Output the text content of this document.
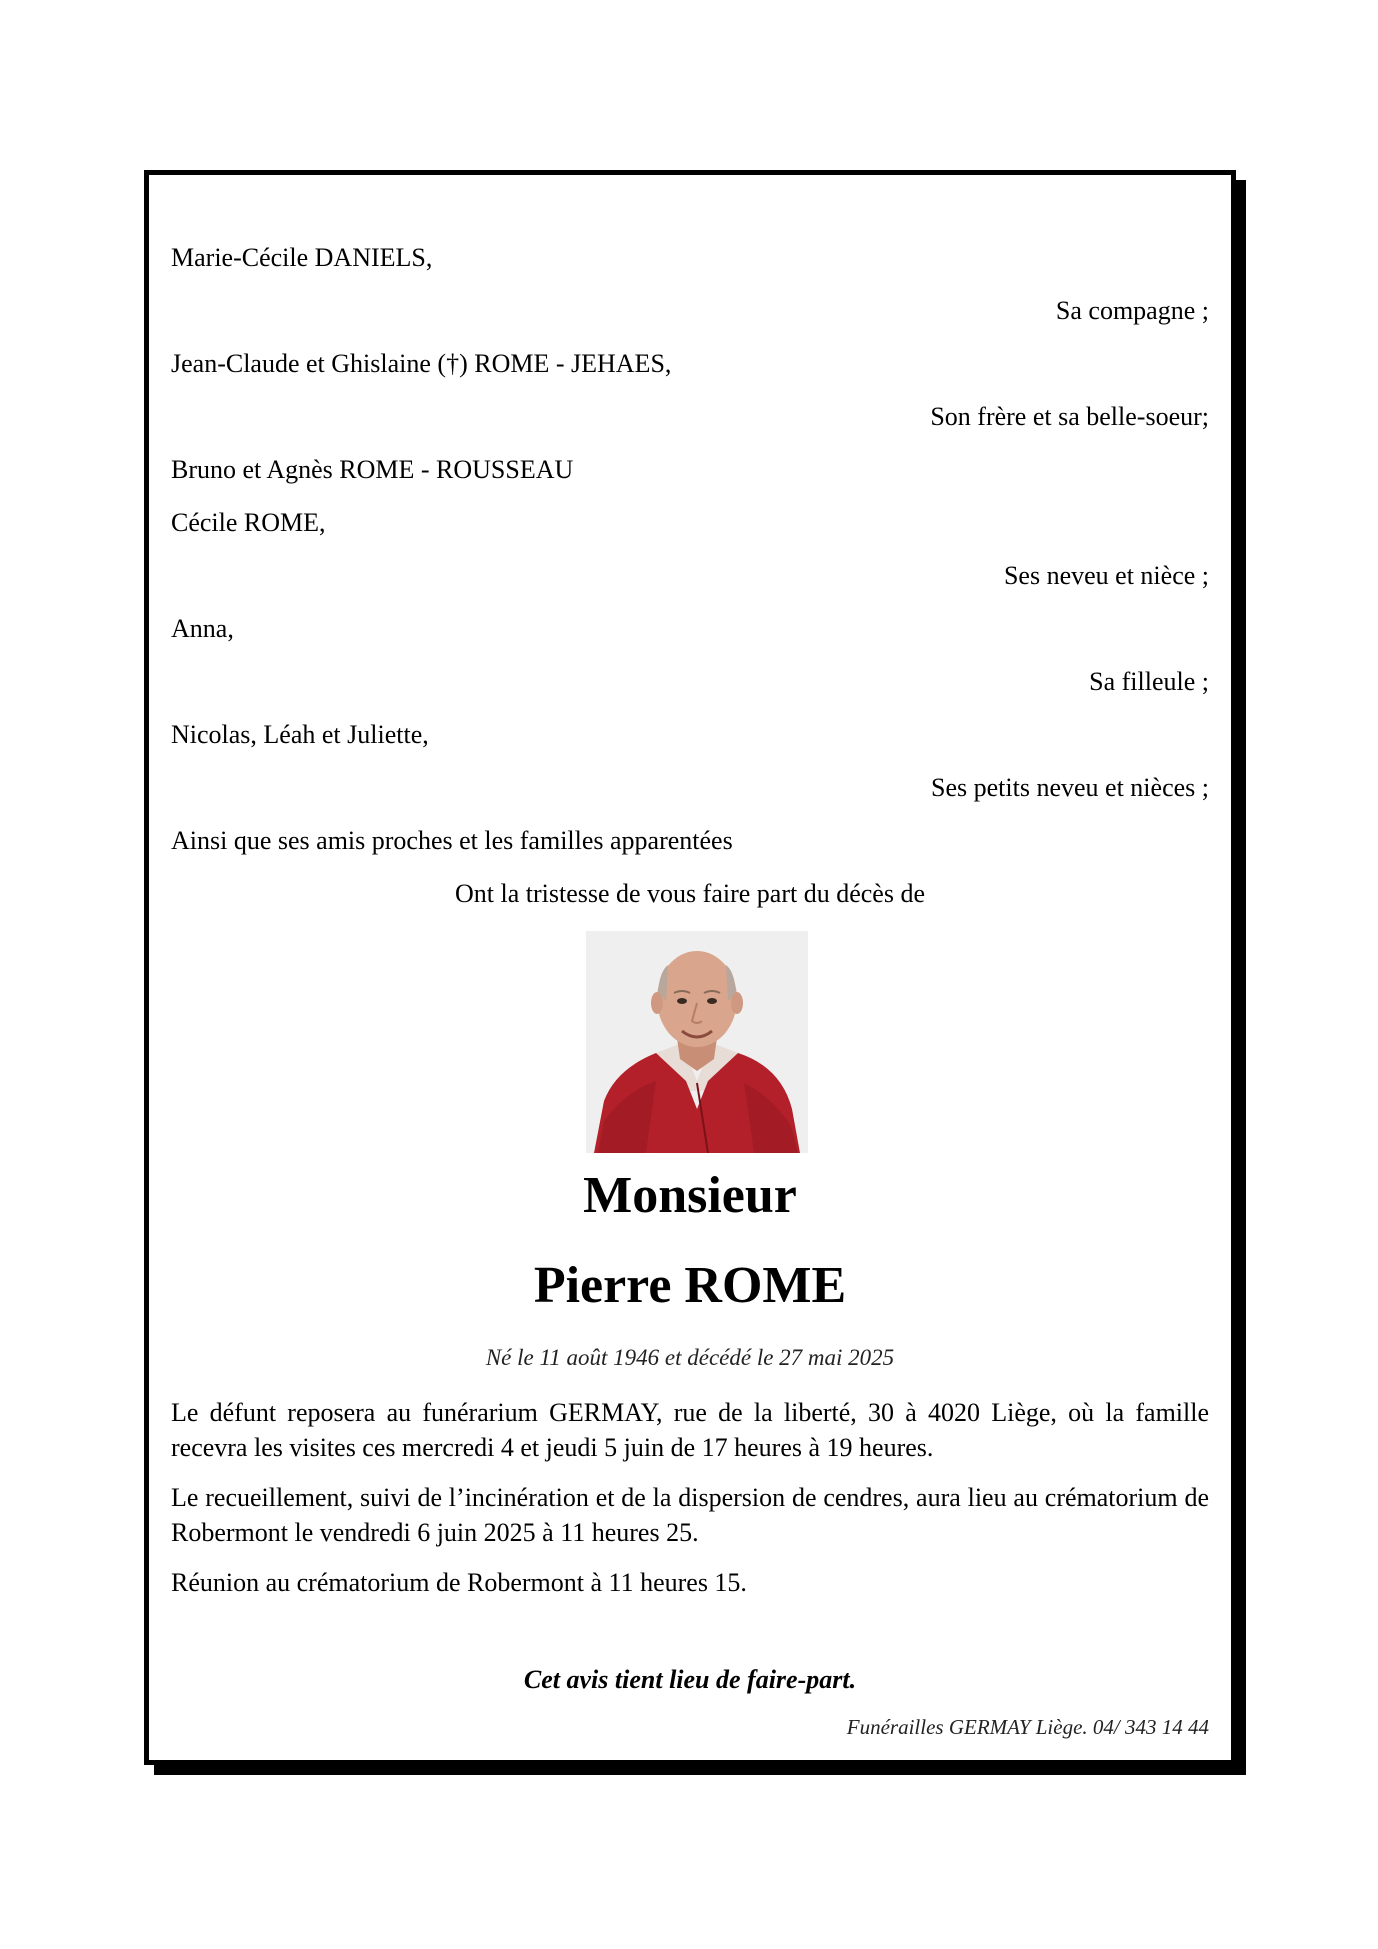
Marie-Cécile DANIELS,
Sa compagne ;
Jean-Claude et Ghislaine (†) ROME - JEHAES,
Son frère et sa belle-soeur;
Bruno et Agnès ROME - ROUSSEAU
Cécile ROME,
Ses neveu et nièce ;
Anna,
Sa filleule ;
Nicolas, Léah et Juliette,
Ses petits neveu et nièces ;
Ainsi que ses amis proches et les familles apparentées
Ont la tristesse de vous faire part du décès de
Monsieur
Pierre ROME
Né le 11 août 1946 et décédé le 27 mai 2025
Le défunt reposera au funérarium GERMAY, rue de la liberté, 30 à 4020 Liège, où la famille recevra les visites ces mercredi 4 et jeudi 5 juin de 17 heures à 19 heures.
Le recueillement, suivi de l’incinération et de la dispersion de cendres, aura lieu au crématorium de Robermont le vendredi 6 juin 2025 à 11 heures 25.
Réunion au crématorium de Robermont à 11 heures 15.
Cet avis tient lieu de faire-part.
Funérailles GERMAY Liège. 04/ 343 14 44
